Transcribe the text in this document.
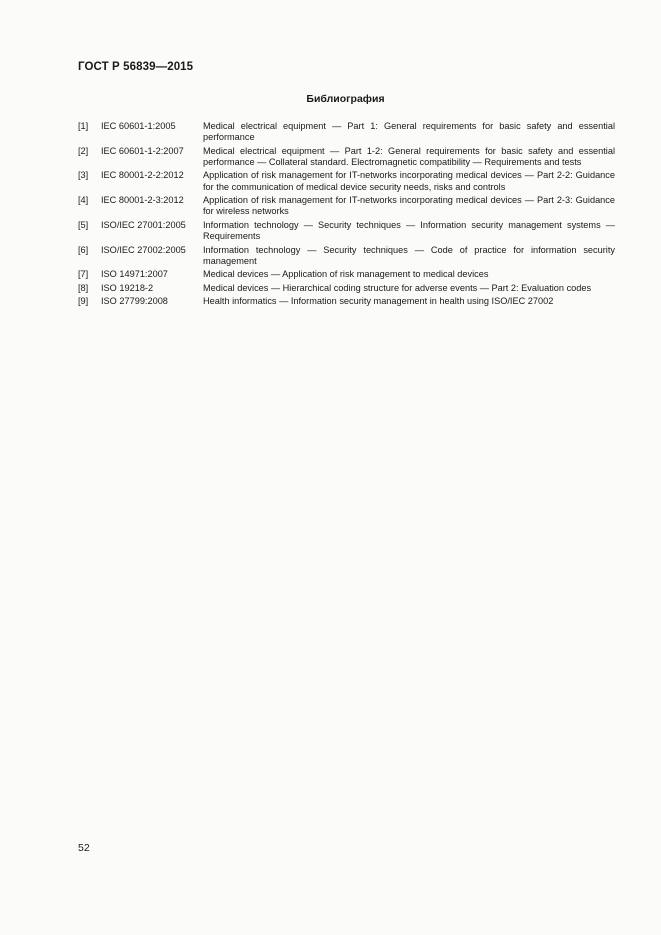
ГОСТ Р 56839—2015
Библиография
[1]	IEC 60601-1:2005	Medical electrical equipment — Part 1: General requirements for basic safety and essential performance
[2]	IEC 60601-1-2:2007	Medical electrical equipment — Part 1-2: General requirements for basic safety and essential performance — Collateral standard. Electromagnetic compatibility — Requirements and tests
[3]	IEC 80001-2-2:2012	Application of risk management for IT-networks incorporating medical devices — Part 2-2: Guidance for the communication of medical device security needs, risks and controls
[4]	IEC 80001-2-3:2012	Application of risk management for IT-networks incorporating medical devices — Part 2-3: Guidance for wireless networks
[5]	ISO/IEC 27001:2005	Information technology — Security techniques — Information security management systems — Requirements
[6]	ISO/IEC 27002:2005	Information technology — Security techniques — Code of practice for information security management
[7]	ISO 14971:2007	Medical devices — Application of risk management to medical devices
[8]	ISO 19218-2	Medical devices — Hierarchical coding structure for adverse events — Part 2: Evaluation codes
[9]	ISO 27799:2008	Health informatics — Information security management in health using ISO/IEC 27002
52
